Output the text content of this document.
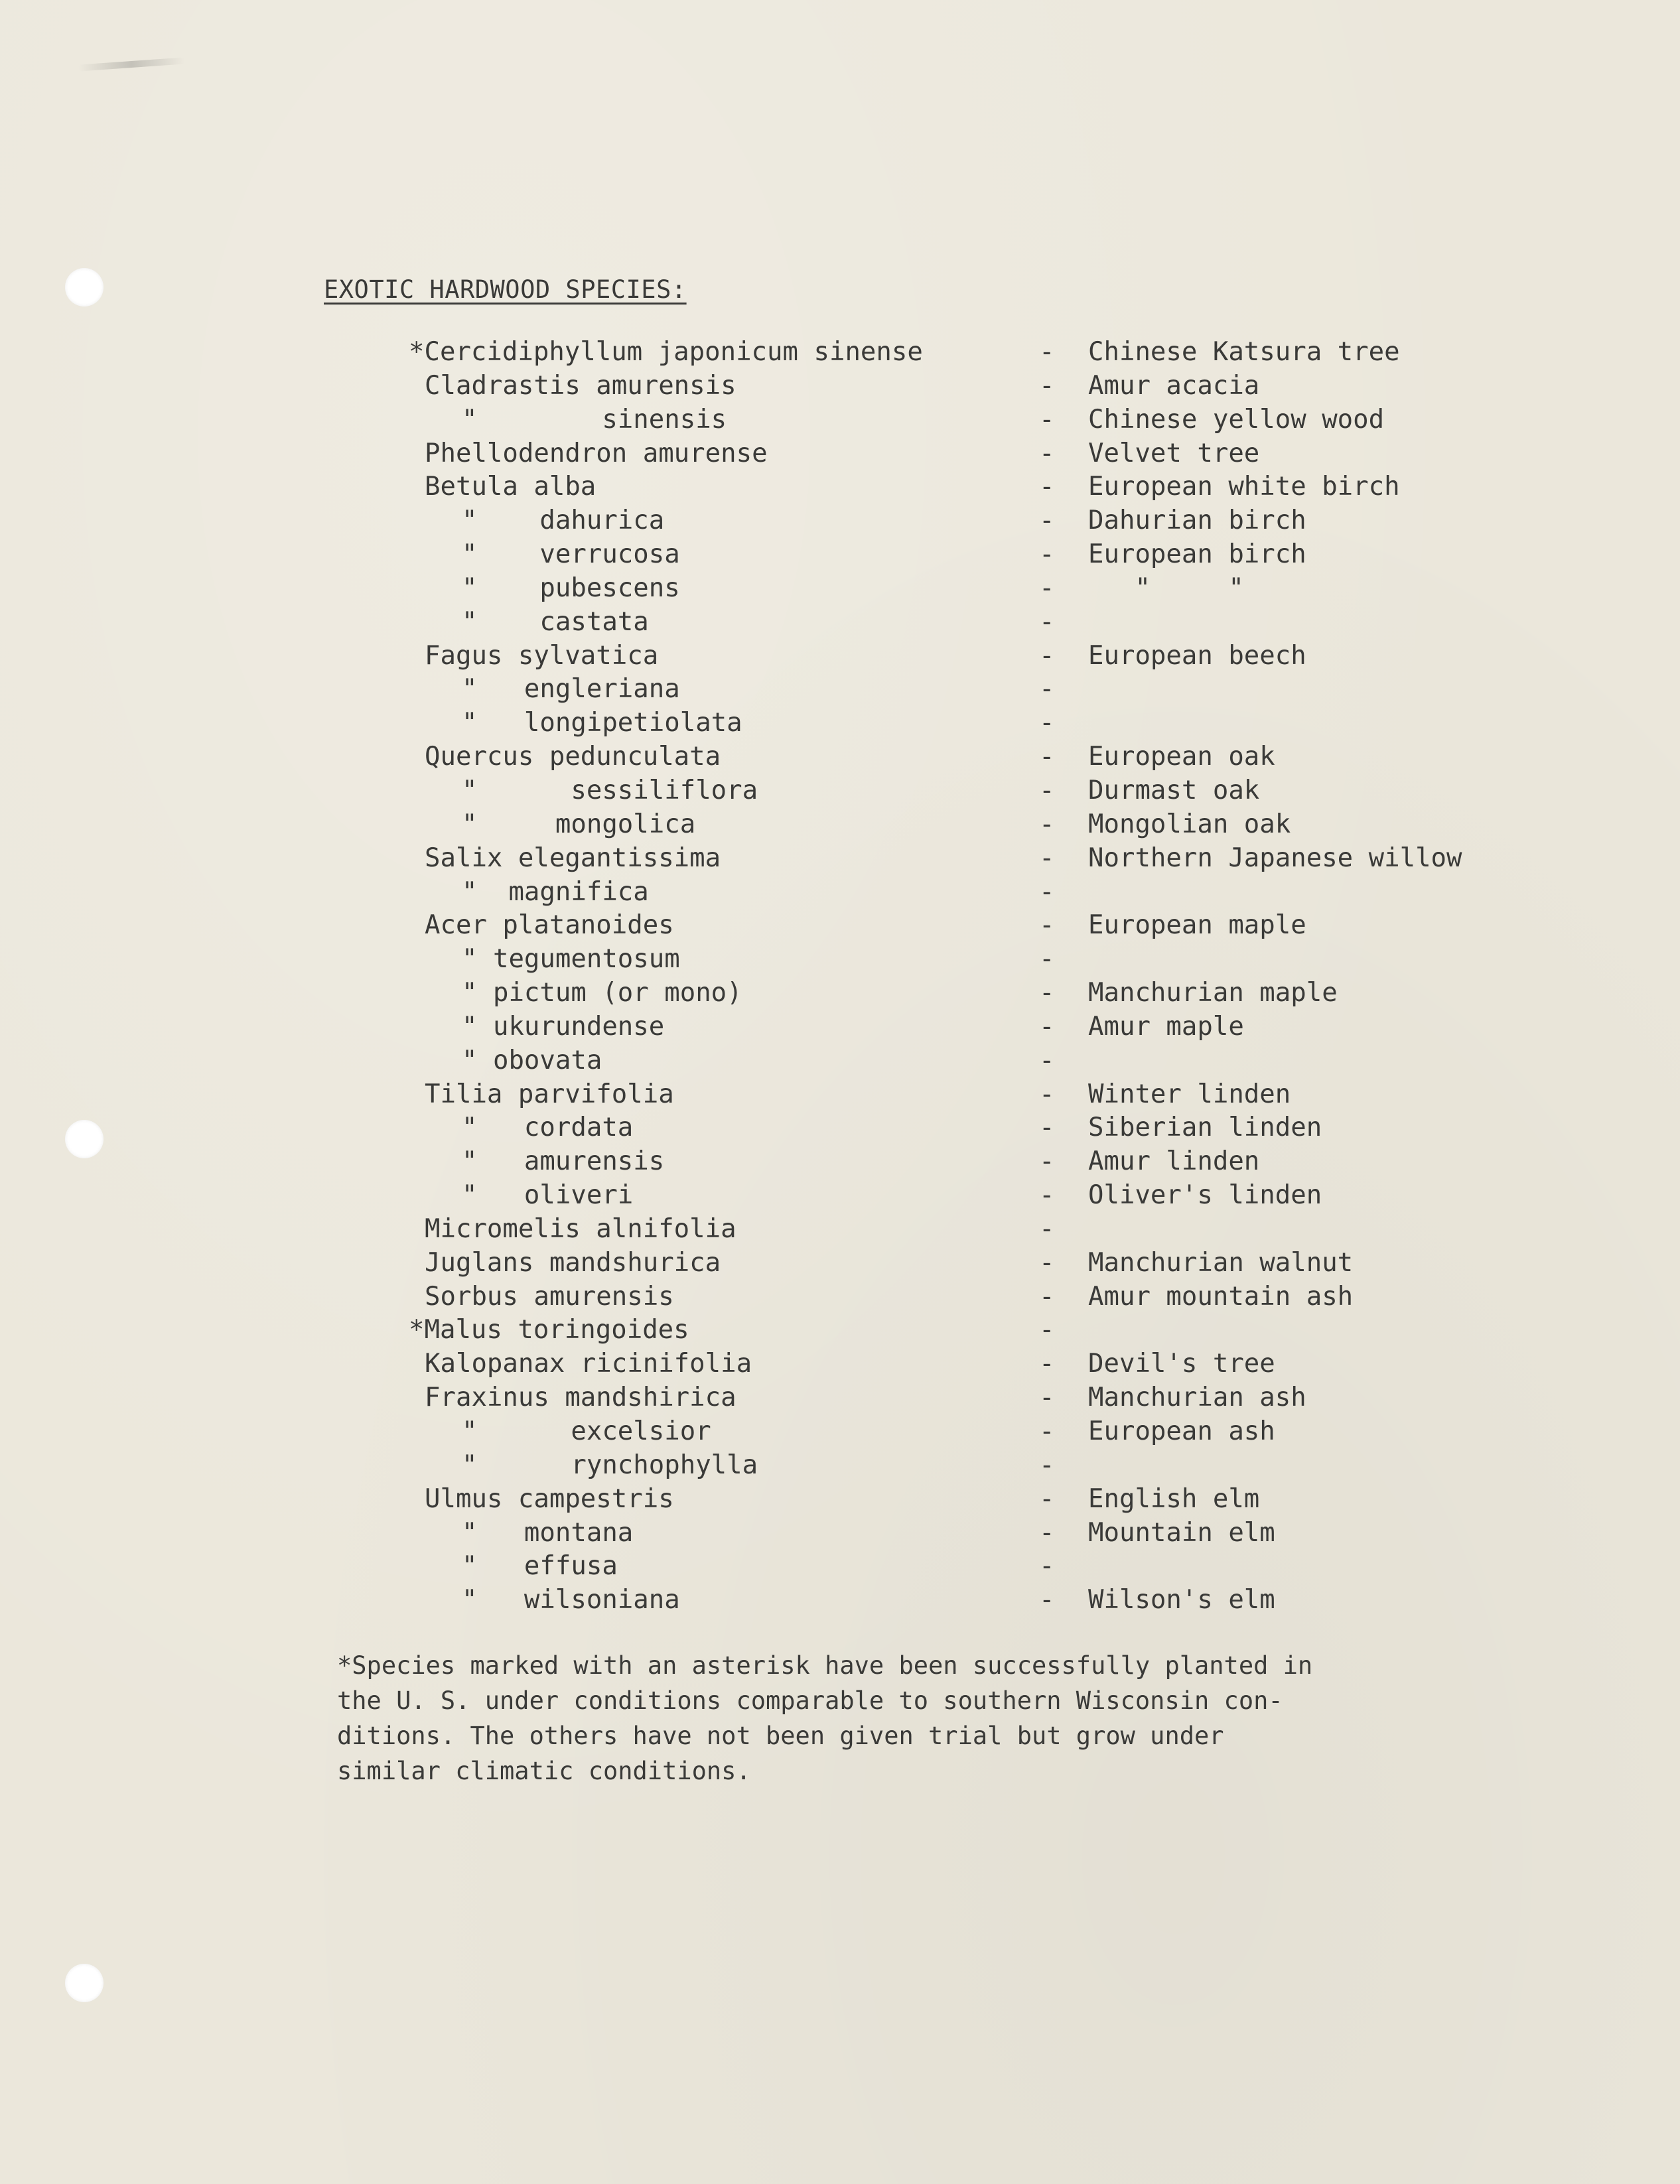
EXOTIC HARDWOOD SPECIES:
*Cercidiphyllum japonicum sinense	- Chinese Katsura tree
Cladrastis amurensis	- Amur acacia
"        sinensis	- Chinese yellow wood
Phellodendron amurense	- Velvet tree
Betula alba	- European white birch
"    dahurica	- Dahurian birch
"    verrucosa	- European birch
"    pubescens	- "     "
"    castata	-
Fagus sylvatica	- European beech
"   engleriana	-
"   longipetiolata	-
Quercus pedunculata	- European oak
"      sessiliflora	- Durmast oak
"     mongolica	- Mongolian oak
Salix elegantissima	- Northern Japanese willow
"  magnifica	-
Acer platanoides	- European maple
" tegumentosum	-
" pictum (or mono)	- Manchurian maple
" ukurundense	- Amur maple
" obovata	-
Tilia parvifolia	- Winter linden
"   cordata	- Siberian linden
"   amurensis	- Amur linden
"   oliveri	- Oliver's linden
Micromelis alnifolia	-
Juglans mandshurica	- Manchurian walnut
Sorbus amurensis	- Amur mountain ash
*Malus toringoides	-
Kalopanax ricinifolia	- Devil's tree
Fraxinus mandshirica	- Manchurian ash
"      excelsior	- European ash
"      rynchophylla	-
Ulmus campestris	- English elm
"   montana	- Mountain elm
"   effusa	-
"   wilsoniana	- Wilson's elm

*Species marked with an asterisk have been successfully planted in

the U. S. under conditions comparable to southern Wisconsin con-

ditions. The others have not been given trial but grow under

similar climatic conditions.
